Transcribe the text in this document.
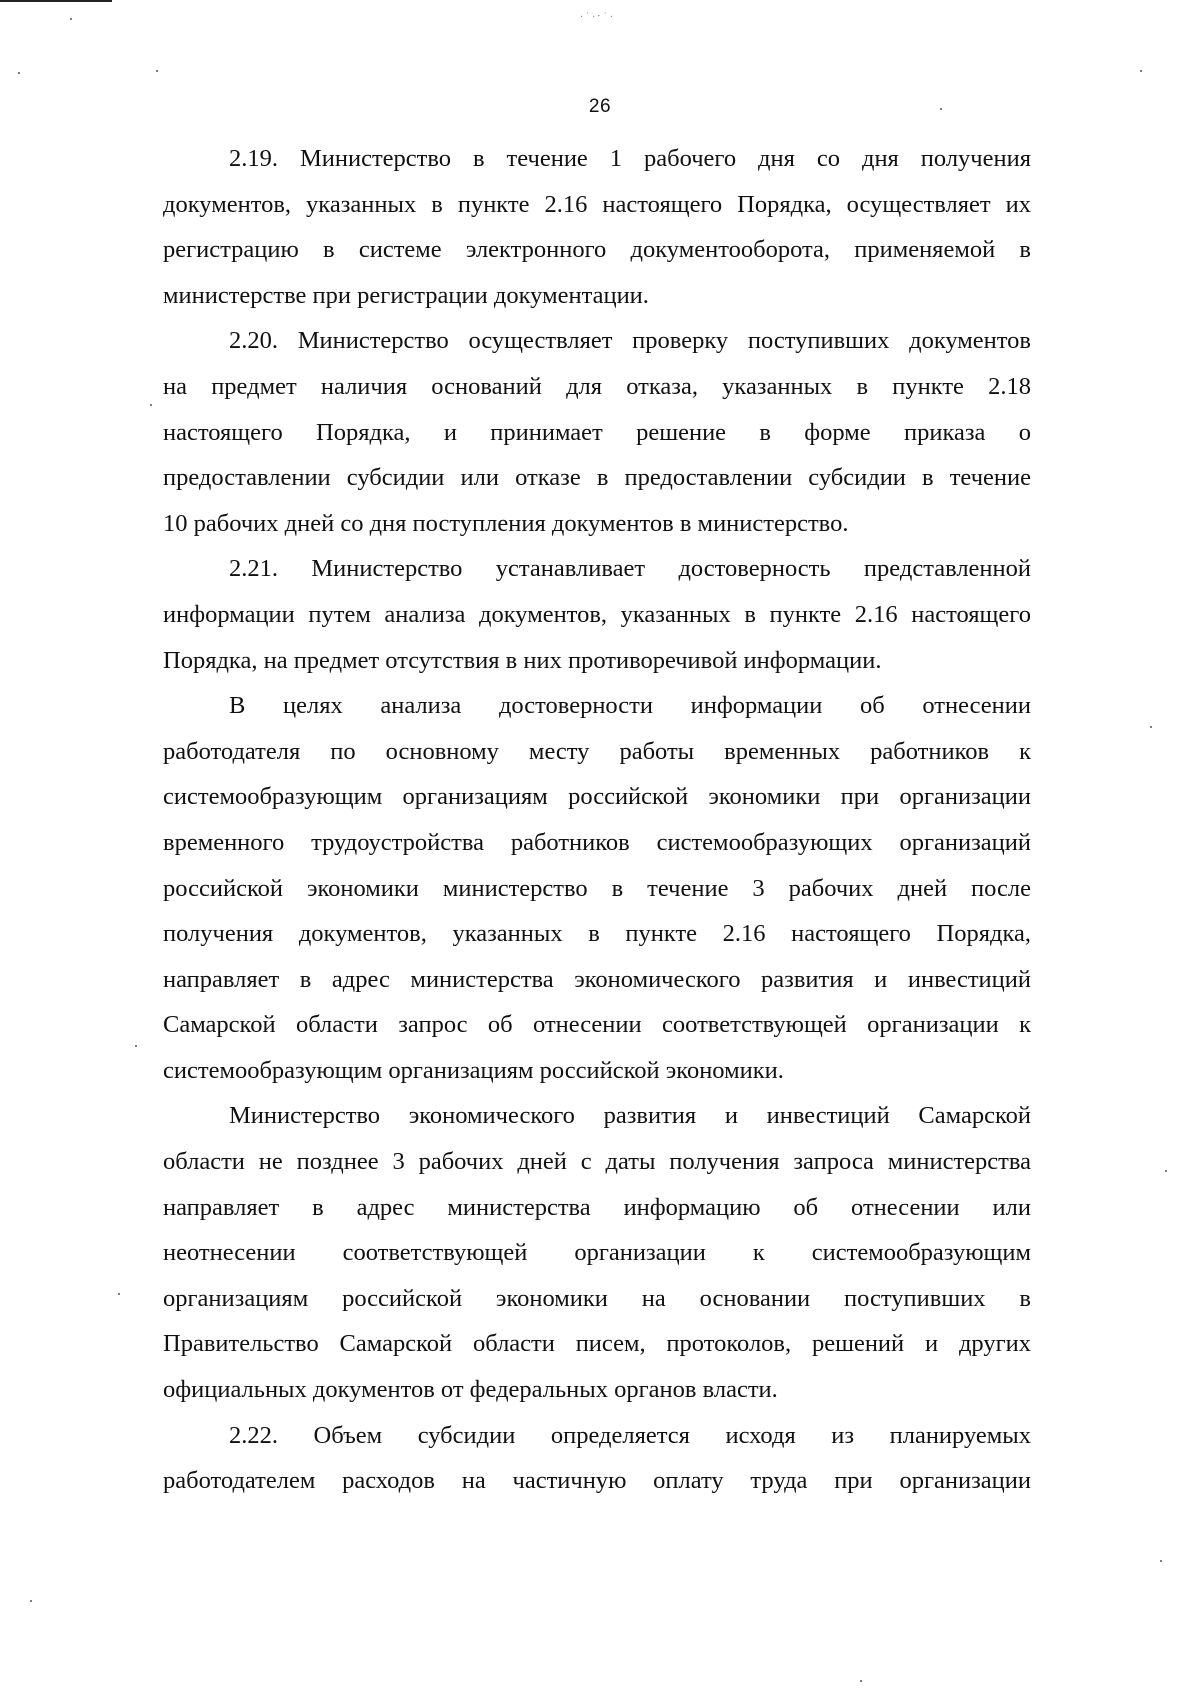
·˙·ˑ˙·
26
2.19. Министерство в течение 1 рабочего дня со дня получения
документов, указанных в пункте 2.16 настоящего Порядка, осуществляет их
регистрацию в системе электронного документооборота, применяемой в
министерстве при регистрации документации.
2.20. Министерство осуществляет проверку поступивших документов
на предмет наличия оснований для отказа, указанных в пункте 2.18
настоящего Порядка, и принимает решение в форме приказа о
предоставлении субсидии или отказе в предоставлении субсидии в течение
10 рабочих дней со дня поступления документов в министерство.
2.21. Министерство устанавливает достоверность представленной
информации путем анализа документов, указанных в пункте 2.16 настоящего
Порядка, на предмет отсутствия в них противоречивой информации.
В целях анализа достоверности информации об отнесении
работодателя по основному месту работы временных работников к
системообразующим организациям российской экономики при организации
временного трудоустройства работников системообразующих организаций
российской экономики министерство в течение 3 рабочих дней после
получения документов, указанных в пункте 2.16 настоящего Порядка,
направляет в адрес министерства экономического развития и инвестиций
Самарской области запрос об отнесении соответствующей организации к
системообразующим организациям российской экономики.
Министерство экономического развития и инвестиций Самарской
области не позднее 3 рабочих дней с даты получения запроса министерства
направляет в адрес министерства информацию об отнесении или
неотнесении соответствующей организации к системообразующим
организациям российской экономики на основании поступивших в
Правительство Самарской области писем, протоколов, решений и других
официальных документов от федеральных органов власти.
2.22. Объем субсидии определяется исходя из планируемых
работодателем расходов на частичную оплату труда при организации
